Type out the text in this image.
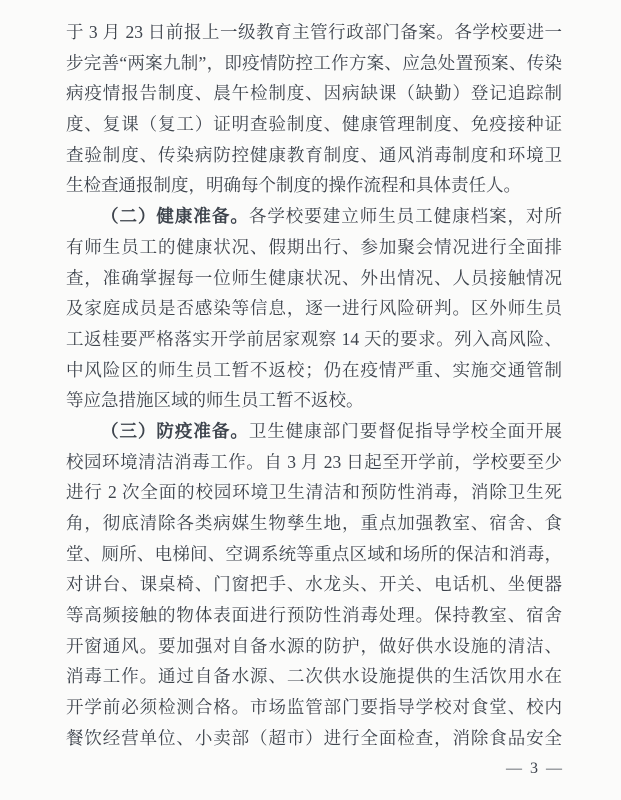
于 3 月 23 日前报上一级教育主管行政部门备案。各学校要进一
步完善“两案九制”，即疫情防控工作方案、应急处置预案、传染
病疫情报告制度、晨午检制度、因病缺课（缺勤）登记追踪制
度、复课（复工）证明查验制度、健康管理制度、免疫接种证
查验制度、传染病防控健康教育制度、通风消毒制度和环境卫
生检查通报制度，明确每个制度的操作流程和具体责任人。
（二）健康准备。各学校要建立师生员工健康档案，对所
有师生员工的健康状况、假期出行、参加聚会情况进行全面排
查，准确掌握每一位师生健康状况、外出情况、人员接触情况
及家庭成员是否感染等信息，逐一进行风险研判。区外师生员
工返桂要严格落实开学前居家观察 14 天的要求。列入高风险、
中风险区的师生员工暂不返校；仍在疫情严重、实施交通管制
等应急措施区域的师生员工暂不返校。
（三）防疫准备。卫生健康部门要督促指导学校全面开展
校园环境清洁消毒工作。自 3 月 23 日起至开学前，学校要至少
进行 2 次全面的校园环境卫生清洁和预防性消毒，消除卫生死
角，彻底清除各类病媒生物孳生地，重点加强教室、宿舍、食
堂、厕所、电梯间、空调系统等重点区域和场所的保洁和消毒，
对讲台、课桌椅、门窗把手、水龙头、开关、电话机、坐便器
等高频接触的物体表面进行预防性消毒处理。保持教室、宿舍
开窗通风。要加强对自备水源的防护，做好供水设施的清洁、
消毒工作。通过自备水源、二次供水设施提供的生活饮用水在
开学前必须检测合格。市场监管部门要指导学校对食堂、校内
餐饮经营单位、小卖部（超市）进行全面检查，消除食品安全
— 3 —
